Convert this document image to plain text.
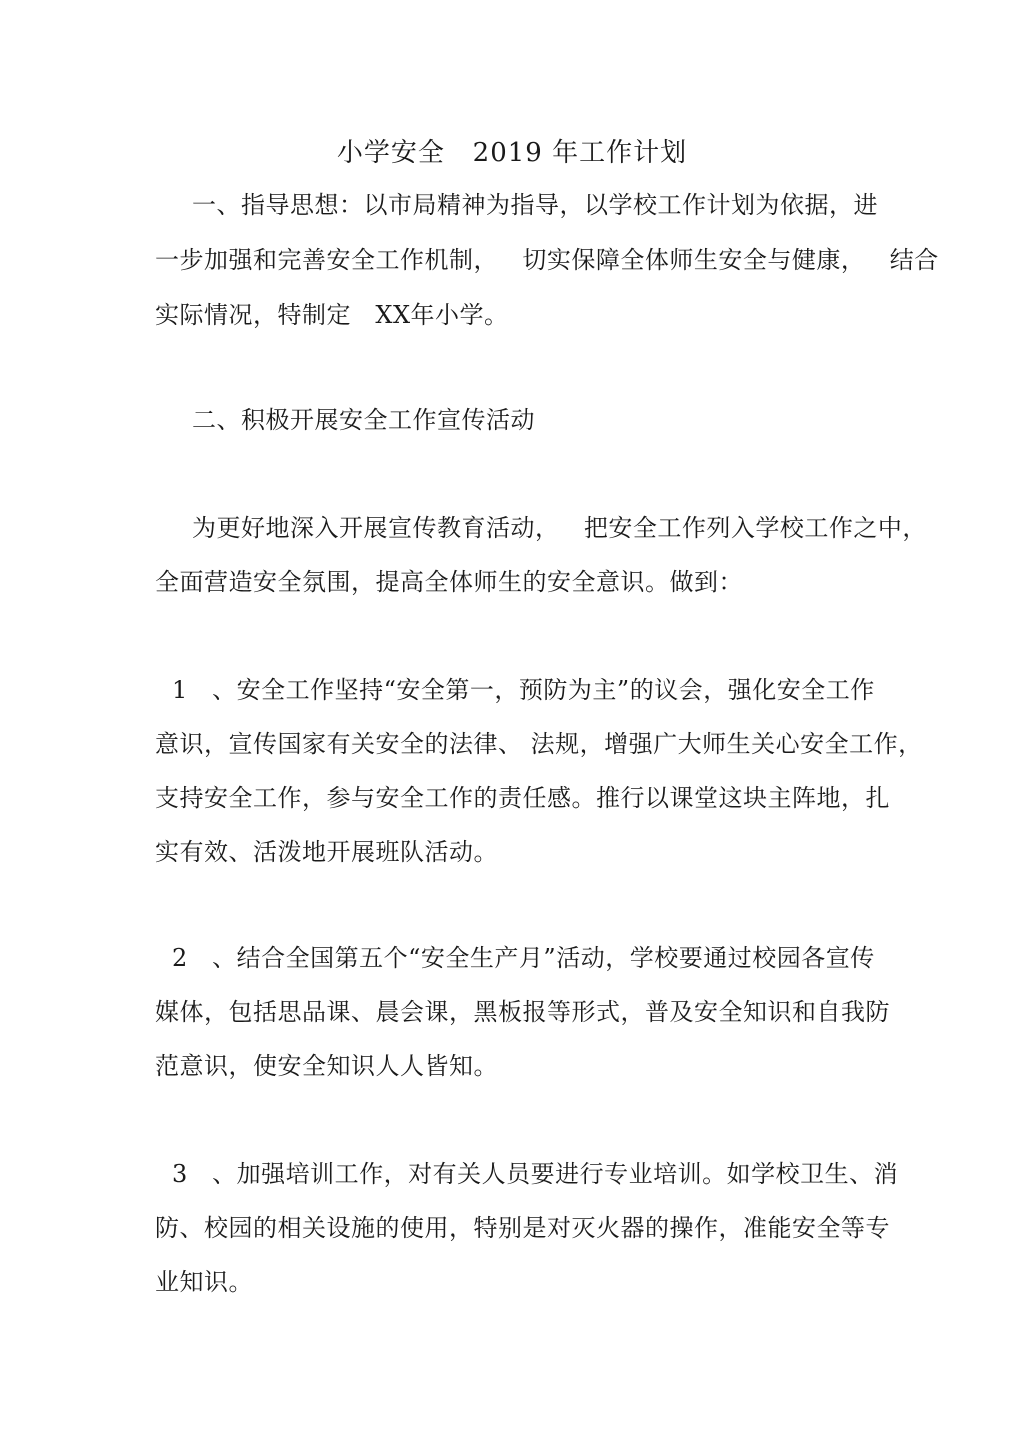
小学安全   2019 年工作计划
一、指导思想：以市局精神为指导，以学校工作计划为依据，进
一步加强和完善安全工作机制，   切实保障全体师生安全与健康，   结合
实际情况，特制定   XX年小学。
二、积极开展安全工作宣传活动
为更好地深入开展宣传教育活动，   把安全工作列入学校工作之中，
全面营造安全氛围，提高全体师生的安全意识。做到：
1   、安全工作坚持“安全第一，预防为主”的议会，强化安全工作
意识，宣传国家有关安全的法律、 法规，增强广大师生关心安全工作，
支持安全工作，参与安全工作的责任感。推行以课堂这块主阵地，扎
实有效、活泼地开展班队活动。
2   、结合全国第五个“安全生产月”活动，学校要通过校园各宣传
媒体，包括思品课、晨会课，黑板报等形式，普及安全知识和自我防
范意识，使安全知识人人皆知。
3   、加强培训工作，对有关人员要进行专业培训。如学校卫生、消
防、校园的相关设施的使用，特别是对灭火器的操作，准能安全等专
业知识。
